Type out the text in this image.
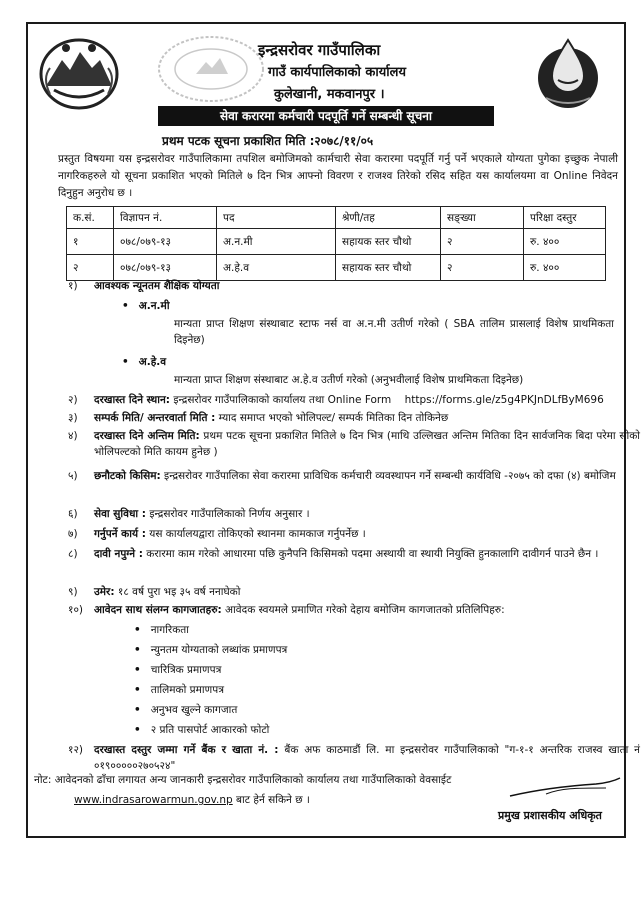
इन्द्रसरोवर गाउँपालिका
गाउँ कार्यपालिकाको कार्यालय
कुलेखानी, मकवानपुर ।
सेवा करारमा कर्मचारी पदपूर्ति गर्ने सम्बन्धी सूचना
प्रथम पटक सूचना प्रकाशित मिति :२०७८/११/०५
प्रस्तुत विषयमा यस इन्द्रसरोवर गाउँपालिकामा तपशिल बमोजिमको कार्मचारी सेवा करारमा पदपूर्ति गर्नु पर्ने भएकाले योग्यता पुगेका इच्छुक नेपाली नागरिकहरुले यो सूचना प्रकाशित भएको मितिले ७ दिन भित्र आफ्नो विवरण र राजश्व तिरेको रसिद सहित यस कार्यालयमा वा Online निवेदन दिनुहुन अनुरोध छ ।
क.सं.	विज्ञापन नं.	पद	श्रेणी/तह	सङ्ख्या	परिक्षा दस्तुर
१	०७८/०७९-१३	अ.न.मी	सहायक स्तर चौथो	२	रु. ४००
२	०७८/०७९-१३	अ.हे.व	सहायक स्तर चौथो	२	रु. ४००
१) आवश्यक न्यूनतम शैक्षिक योग्यता
• अ.न.मी
मान्यता प्राप्त शिक्षण संस्थाबाट स्टाफ नर्स वा अ.न.मी उतीर्ण गरेको ( SBA तालिम प्रासलाई विशेष प्राथमिकता दिइनेछ)
• अ.हे.व
मान्यता प्राप्त शिक्षण संस्थाबाट अ.हे.व उतीर्ण गरेको (अनुभवीलाई विशेष प्राथमिकता दिइनेछ)
२) दरखास्त दिने स्थान: इन्द्रसरोवर गाउँपालिकाको कार्यालय तथा Online Form https://forms.gle/z5g4PKJnDLfByM696
३) सम्पर्क मिति/ अन्तरवार्ता मिति : म्याद समाप्त भएको भोलिपल्ट/ सम्पर्क मितिका दिन तोकिनेछ
४) दरखास्त दिने अन्तिम मिति: प्रथम पटक सूचना प्रकाशित मितिले ७ दिन भित्र (माथि उल्लिखत अन्तिम मितिका दिन सार्वजनिक बिदा परेमा सोको भोलिपल्टको मिति कायम हुनेछ )
५) छनौटको किसिम: इन्द्रसरोवर गाउँपालिका सेवा करारमा प्राविधिक कर्मचारी व्यवस्थापन गर्ने सम्बन्धी कार्यविधि -२०७५ को दफा (४) बमोजिम
६) सेवा सुविधा : इन्द्रसरोवर गाउँपालिकाको निर्णय अनुसार ।
७) गर्नुपर्ने कार्य : यस कार्यालयद्वारा तोकिएको स्थानमा कामकाज गर्नुपर्नेछ ।
८) दावी नपुग्ने : करारमा काम गरेको आधारमा पछि कुनैपनि किसिमको पदमा अस्थायी वा स्थायी नियुक्ति हुनकालागि दावीगर्न पाउने छैन ।
९) उमेर: १८ वर्ष पुरा भइ ३५ वर्ष ननाघेको
१०) आवेदन साथ संलग्न कागजातहरु: आवेदक स्वयमले प्रमाणित गरेको देहाय बमोजिम कागजातको प्रतिलिपिहरु:
• नागरिकता
• न्युनतम योग्यताको लब्धांक प्रमाणपत्र
• चारित्रिक प्रमाणपत्र
• तालिमको प्रमाणपत्र
• अनुभव खुल्ने कागजात
• २ प्रति पासपोर्ट आकारको फोटो
१२) दरखास्त दस्तुर जम्मा गर्ने बैंक र खाता नं. : बैंक अफ काठमाडौं लि. मा इन्द्रसरोवर गाउँपालिकाको "ग-१-१ अन्तरिक राजस्व खाता नं ०१९०००००२७०५२४"
नोट: आवेदनको ढाँचा लगायत अन्य जानकारी इन्द्रसरोवर गाउँपालिकाको कार्यालय तथा गाउँपालिकाको वेवसाईट
www.indrasarowarmun.gov.np बाट हेर्न सकिने छ ।
प्रमुख प्रशासकीय अधिकृत
